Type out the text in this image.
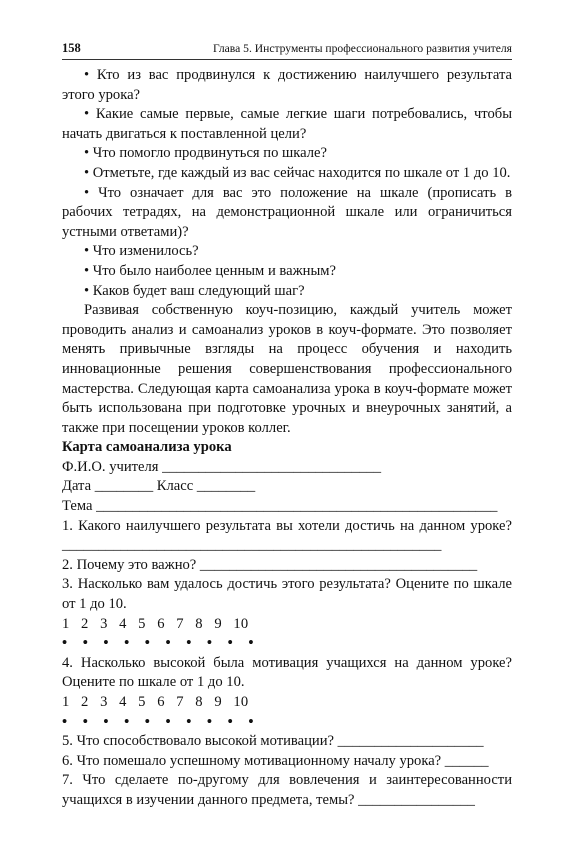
158	Глава 5. Инструменты профессионального развития учителя

• Кто из вас продвинулся к достижению наилучшего результата этого урока?

• Какие самые первые, самые легкие шаги потребовались, чтобы начать двигаться к поставленной цели?

• Что помогло продвинуться по шкале?

• Отметьте, где каждый из вас сейчас находится по шкале от 1 до 10.

• Что означает для вас это положение на шкале (прописать в рабочих тетрадях, на демонстрационной шкале или ограничиться устными ответами)?

• Что изменилось?

• Что было наиболее ценным и важным?

• Каков будет ваш следующий шаг?

Развивая собственную коуч-позицию, каждый учитель может проводить анализ и самоанализ уроков в коуч-формате. Это позволяет менять привычные взгляды на процесс обучения и находить инновационные решения совершенствования профессионального мастерства. Следующая карта самоанализа урока в коуч-формате может быть использована при подготовке урочных и внеурочных занятий, а также при посещении уроков коллег.

Карта самоанализа урока

Ф.И.О. учителя ______________________________

Дата ________ Класс ________

Тема _______________________________________________________

1. Какого наилучшего результата вы хотели достичь на данном уроке? ____________________________________________________

2. Почему это важно? ______________________________________

3. Насколько вам удалось достичь этого результата? Оцените по шкале от 1 до 10.

1   2   3   4   5   6   7   8   9   10

•    •    •    •    •    •    •    •    •    •

4. Насколько высокой была мотивация учащихся на данном уроке? Оцените по шкале от 1 до 10.

1   2   3   4   5   6   7   8   9   10

•    •    •    •    •    •    •    •    •    •

5. Что способствовало высокой мотивации? ____________________

6. Что помешало успешному мотивационному началу урока? ______

7. Что сделаете по-другому для вовлечения и заинтересованности учащихся в изучении данного предмета, темы? ________________
